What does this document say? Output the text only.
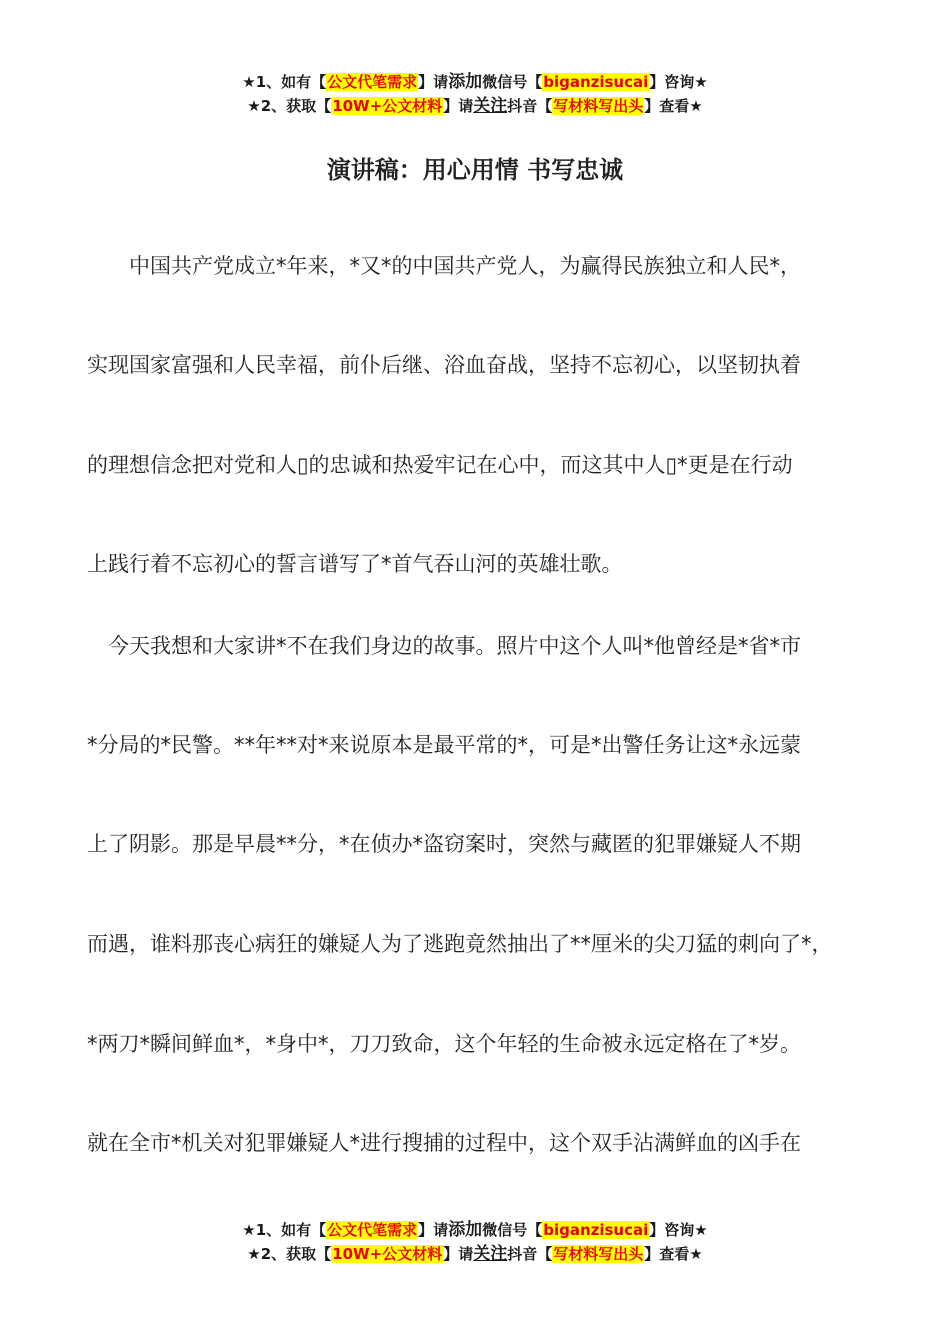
★1、如有【公文代笔需求】请添加微信号【biganzisucai】咨询★
★2、获取【10W+公文材料】请关注抖音【写材料写出头】查看★
演讲稿：用心用情 书写忠诚
　　中国共产党成立*年来，*又*的中国共产党人，为赢得民族独立和人民*，
实现国家富强和人民幸福，前仆后继、浴血奋战，坚持不忘初心，以坚韧执着
的理想信念把对党和人▯的忠诚和热爱牢记在心中，而这其中人▯*更是在行动
上践行着不忘初心的誓言谱写了*首气吞山河的英雄壮歌。
　今天我想和大家讲*不在我们身边的故事。照片中这个人叫*他曾经是*省*市
*分局的*民警。**年**对*来说原本是最平常的*，可是*出警任务让这*永远蒙
上了阴影。那是早晨**分，*在侦办*盗窃案时，突然与藏匿的犯罪嫌疑人不期
而遇，谁料那丧心病狂的嫌疑人为了逃跑竟然抽出了**厘米的尖刀猛的刺向了*，
*两刀*瞬间鲜血*，*身中*，刀刀致命，这个年轻的生命被永远定格在了*岁。
就在全市*机关对犯罪嫌疑人*进行搜捕的过程中，这个双手沾满鲜血的凶手在
★1、如有【公文代笔需求】请添加微信号【biganzisucai】咨询★
★2、获取【10W+公文材料】请关注抖音【写材料写出头】查看★
